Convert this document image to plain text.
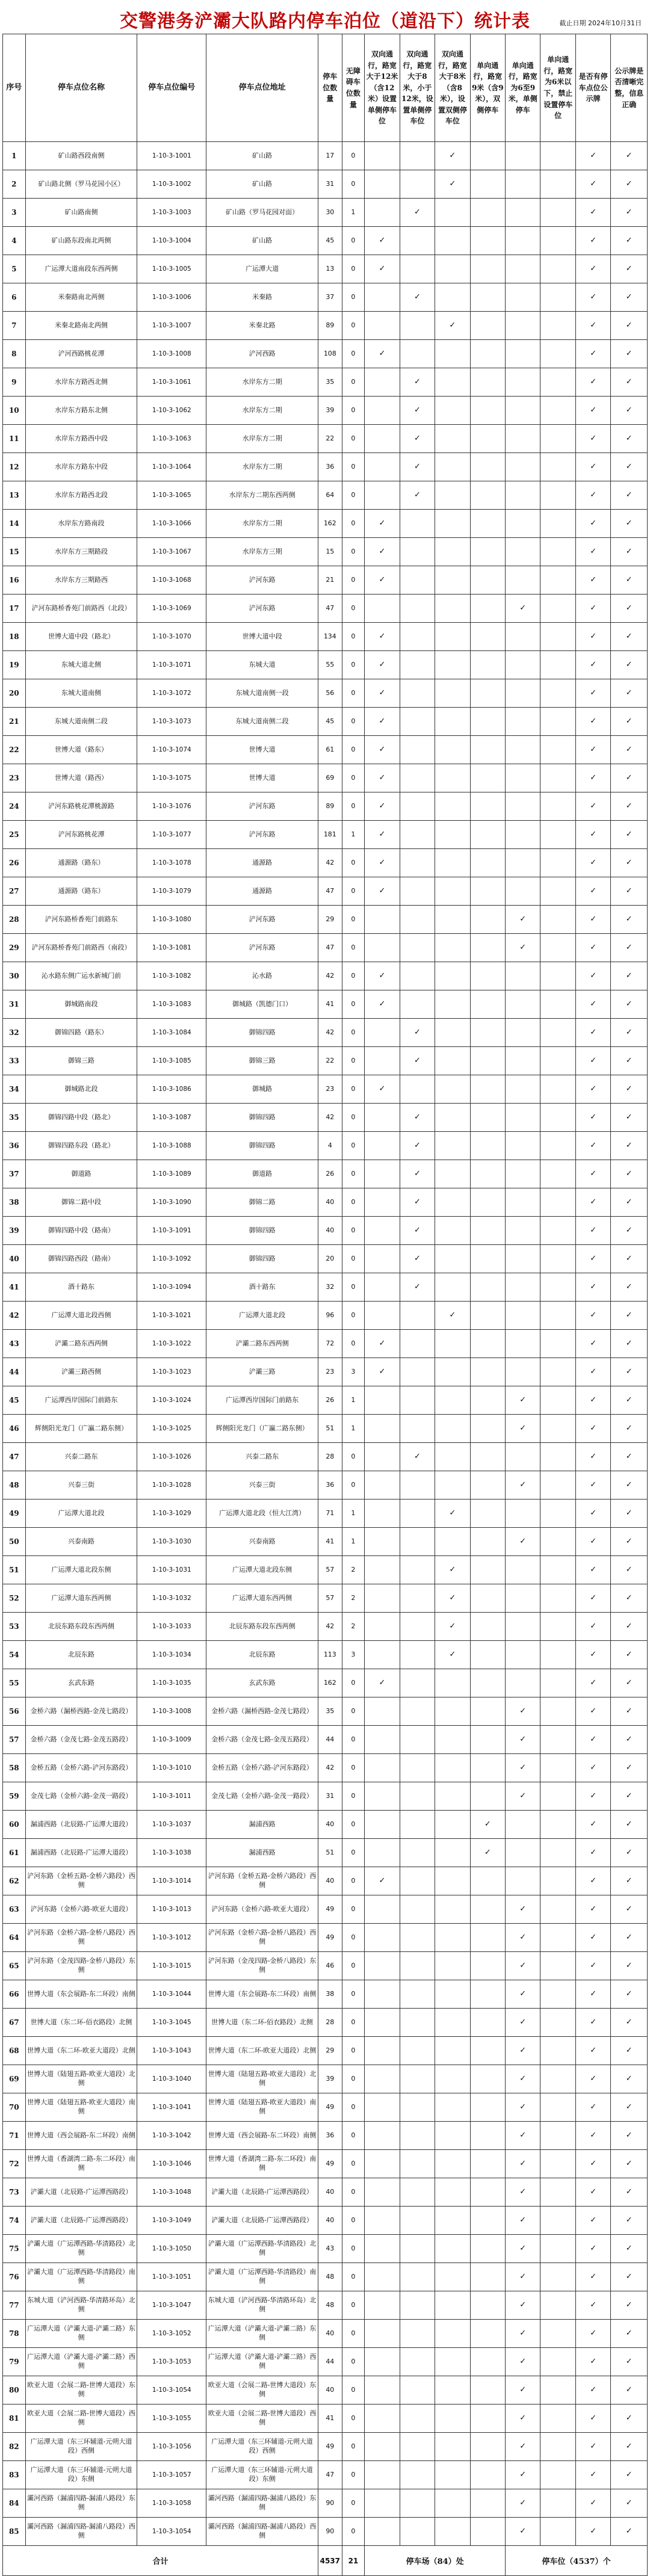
交警港务浐灞大队路内停车泊位（道沿下）统计表	截止日期 2024年10月31日
序号	停车点位名称	停车点位编号	停车点位地址	停车位数量	无障碍车位数量	双向通行，路宽大于12米（含12米）设置单侧停车位	双向通行，路宽大于8米，小于12米，设置单侧停车位	双向通行，路宽大于8米（含8米），设置双侧停车位	单向通行，路宽9米（含9米），双侧停车	单向通行，路宽为6至9米，单侧停车	单向通行，路宽为6米以下，禁止设置停车位	是否有停车点位公示牌	公示牌是否清晰完整，信息正确
1	矿山路西段南侧	1-10-3-1001	矿山路	17	0			✓				✓	✓
2	矿山路北侧（罗马花园小区）	1-10-3-1002	矿山路	31	0			✓				✓	✓
3	矿山路南侧	1-10-3-1003	矿山路（罗马花园对面）	30	1		✓					✓	✓
4	矿山路东段南北两侧	1-10-3-1004	矿山路	45	0	✓						✓	✓
5	广运潭大道南段东西两侧	1-10-3-1005	广运潭大道	13	0	✓						✓	✓
6	米秦路南北两侧	1-10-3-1006	米秦路	37	0		✓					✓	✓
7	米秦北路南北两侧	1-10-3-1007	米秦北路	89	0			✓				✓	✓
8	浐河西路桃花潭	1-10-3-1008	浐河西路	108	0	✓						✓	✓
9	水岸东方路西北侧	1-10-3-1061	水岸东方二期	35	0		✓					✓	✓
10	水岸东方路东北侧	1-10-3-1062	水岸东方二期	39	0		✓					✓	✓
11	水岸东方路西中段	1-10-3-1063	水岸东方二期	22	0		✓					✓	✓
12	水岸东方路东中段	1-10-3-1064	水岸东方二期	36	0		✓					✓	✓
13	水岸东方路西北段	1-10-3-1065	水岸东方二期东西两侧	64	0		✓					✓	✓
14	水岸东方路南段	1-10-3-1066	水岸东方二期	162	0	✓						✓	✓
15	水岸东方三期路段	1-10-3-1067	水岸东方三期	15	0	✓						✓	✓
16	水岸东方三期路西	1-10-3-1068	浐河东路	21	0	✓						✓	✓
17	浐河东路桥香苑门前路西（北段）	1-10-3-1069	浐河东路	47	0					✓		✓	✓
18	世博大道中段（路北）	1-10-3-1070	世博大道中段	134	0	✓						✓	✓
19	东城大道北侧	1-10-3-1071	东城大道	55	0	✓						✓	✓
20	东城大道南侧	1-10-3-1072	东城大道南侧一段	56	0	✓						✓	✓
21	东城大道南侧二段	1-10-3-1073	东城大道南侧二段	45	0	✓						✓	✓
22	世博大道（路东）	1-10-3-1074	世博大道	61	0	✓						✓	✓
23	世博大道（路西）	1-10-3-1075	世博大道	69	0	✓						✓	✓
24	浐河东路桃花潭桃源路	1-10-3-1076	浐河东路	89	0	✓						✓	✓
25	浐河东路桃花潭	1-10-3-1077	浐河东路	181	1	✓						✓	✓
26	通源路（路东）	1-10-3-1078	通源路	42	0	✓						✓	✓
27	通源路（路东）	1-10-3-1079	通源路	47	0	✓						✓	✓
28	浐河东路桥香苑门前路东	1-10-3-1080	浐河东路	29	0					✓		✓	✓
29	浐河东路桥香苑门前路西（南段）	1-10-3-1081	浐河东路	47	0					✓		✓	✓
30	沁水路东侧广运水新城门前	1-10-3-1082	沁水路	42	0	✓						✓	✓
31	御城路南段	1-10-3-1083	御城路（凯德门口）	41	0	✓						✓	✓
32	御锦四路（路东）	1-10-3-1084	御锦四路	42	0		✓					✓	✓
33	御锦三路	1-10-3-1085	御锦三路	22	0		✓					✓	✓
34	御城路北段	1-10-3-1086	御城路	23	0	✓						✓	✓
35	御锦四路中段（路北）	1-10-3-1087	御锦四路	42	0		✓					✓	✓
36	御锦四路东段（路北）	1-10-3-1088	御锦四路	4	0		✓					✓	✓
37	御道路	1-10-3-1089	御道路	26	0		✓					✓	✓
38	御锦二路中段	1-10-3-1090	御锦二路	40	0		✓					✓	✓
39	御锦四路中段（路南）	1-10-3-1091	御锦四路	40	0		✓					✓	✓
40	御锦四路西段（路南）	1-10-3-1092	御锦四路	20	0		✓					✓	✓
41	酒十路东	1-10-3-1094	酒十路东	32	0		✓					✓	✓
42	广运潭大道北段西侧	1-10-3-1021	广运潭大道北段	96	0			✓				✓	✓
43	浐灞二路东西两侧	1-10-3-1022	浐灞二路东西两侧	72	0	✓						✓	✓
44	浐灞三路西侧	1-10-3-1023	浐灞三路	23	3	✓						✓	✓
45	广运潭西岸国际门前路东	1-10-3-1024	广运潭西岸国际门前路东	26	1					✓		✓	✓
46	辉侧阳光龙门（广瀛二路东侧）	1-10-3-1025	辉侧阳光龙门（广瀛二路东侧）	51	1					✓		✓	✓
47	兴泰二路东	1-10-3-1026	兴泰二路东	28	0		✓					✓	✓
48	兴泰三街	1-10-3-1028	兴泰三街	36	0					✓		✓	✓
49	广运潭大道北段	1-10-3-1029	广运潭大道北段（恒大江湾）	71	1			✓				✓	✓
50	兴泰南路	1-10-3-1030	兴泰南路	41	1					✓		✓	✓
51	广运潭大道北段东侧	1-10-3-1031	广运潭大道北段东侧	57	2			✓				✓	✓
52	广运潭大道东西两侧	1-10-3-1032	广运潭大道东西两侧	57	2			✓				✓	✓
53	北辰东路东段东西两侧	1-10-3-1033	北辰东路东段东西两侧	42	2			✓				✓	✓
54	北辰东路	1-10-3-1034	北辰东路	113	3			✓				✓	✓
55	玄武东路	1-10-3-1035	玄武东路	162	0	✓						✓	✓
56	金桥六路（漏桥西路-金茂七路段）	1-10-3-1008	金桥六路（漏桥西路-金茂七路段）	35	0					✓		✓	✓
57	金桥六路（金茂七路-金茂五路段）	1-10-3-1009	金桥六路（金茂七路-金茂五路段）	44	0					✓		✓	✓
58	金桥五路（金桥六路-浐河东路段）	1-10-3-1010	金桥五路（金桥六路-浐河东路段）	42	0					✓		✓	✓
59	金茂七路（金桥六路-金茂一路段）	1-10-3-1011	金茂七路（金桥六路-金茂一路段）	31	0					✓		✓	✓
60	漏浦西路（北辰路-广运潭大道段）	1-10-3-1037	漏浦西路	40	0				✓			✓	✓
61	漏浦西路（北辰路-广运潭大道段）	1-10-3-1038	漏浦西路	51	0				✓			✓	✓
62	浐河东路（金桥五路-金桥六路段）西侧	1-10-3-1014	浐河东路（金桥五路-金桥六路段）西侧	40	0	✓						✓	✓
63	浐河东路（金桥六路-欧亚大道段）	1-10-3-1013	浐河东路（金桥六路-欧亚大道段）	49	0					✓		✓	✓
64	浐河东路（金桥六路-金桥八路段）西侧	1-10-3-1012	浐河东路（金桥六路-金桥八路段）西侧	49	0					✓		✓	✓
65	浐河东路（金茂四路-金桥八路段）东侧	1-10-3-1015	浐河东路（金茂四路-金桥八路段）东侧	46	0					✓		✓	✓
66	世博大道（东会展路-东二环段）南侧	1-10-3-1044	世博大道（东会展路-东二环段）南侧	38	0					✓		✓	✓
67	世博大道（东二环-佰衣路段）北侧	1-10-3-1045	世博大道（东二环-佰衣路段）北侧	28	0					✓		✓	✓
68	世博大道（东二环-欧亚大道段）北侧	1-10-3-1043	世博大道（东二环-欧亚大道段）北侧	29	0					✓		✓	✓
69	世博大道（陆翅五路-欧亚大道段）北侧	1-10-3-1040	世博大道（陆翅五路-欧亚大道段）北侧	39	0					✓		✓	✓
70	世博大道（陆翅五路-欧亚大道段）南侧	1-10-3-1041	世博大道（陆翅五路-欧亚大道段）南侧	49	0					✓		✓	✓
71	世博大道（西会展路-东二环段）南侧	1-10-3-1042	世博大道（西会展路-东二环段）南侧	36	0					✓		✓	✓
72	世博大道（香湖湾二路-东二环段）南侧	1-10-3-1046	世博大道（香湖湾二路-东二环段）南侧	49	0					✓		✓	✓
73	浐灞大道（北辰路-广运潭西路段）	1-10-3-1048	浐灞大道（北辰路-广运潭西路段）	40	0					✓		✓	✓
74	浐灞大道（北辰路-广运潭西路段）	1-10-3-1049	浐灞大道（北辰路-广运潭西路段）	40	0					✓		✓	✓
75	浐灞大道（广运潭西路-华清路段）北侧	1-10-3-1050	浐灞大道（广运潭西路-华清路段）北侧	43	0					✓		✓	✓
76	浐灞大道（广运潭西路-华清路段）南侧	1-10-3-1051	浐灞大道（广运潭西路-华清路段）南侧	48	0					✓		✓	✓
77	东城大道（浐河西路-华清路环岛）北侧	1-10-3-1047	东城大道（浐河西路-华清路环岛）北侧	48	0					✓		✓	✓
78	广运潭大道（浐灞大道-浐灞二路）东侧	1-10-3-1052	广运潭大道（浐灞大道-浐灞二路）东侧	40	0					✓		✓	✓
79	广运潭大道（浐灞大道-浐灞二路）西侧	1-10-3-1053	广运潭大道（浐灞大道-浐灞二路）西侧	44	0					✓		✓	✓
80	欧亚大道（会展二路-世博大道段）东侧	1-10-3-1054	欧亚大道（会展二路-世博大道段）东侧	40	0					✓		✓	✓
81	欧亚大道（会展二路-世博大道段）西侧	1-10-3-1055	欧亚大道（会展二路-世博大道段）西侧	41	0					✓		✓	✓
82	广运潭大道（东三环辅道-元朔大道段）西侧	1-10-3-1056	广运潭大道（东三环辅道-元朔大道段）西侧	49	0					✓		✓	✓
83	广运潭大道（东三环辅道-元朔大道段）东侧	1-10-3-1057	广运潭大道（东三环辅道-元朔大道段）东侧	47	0					✓		✓	✓
84	灞河西路（漏浦四路-漏浦八路段）东侧	1-10-3-1058	灞河西路（漏浦四路-漏浦八路段）东侧	90	0					✓		✓	✓
85	灞河西路（漏浦四路-漏浦八路段）西侧	1-10-3-1054	灞河西路（漏浦四路-漏浦八路段）西侧	90	0					✓		✓	✓
合计				4537	21	停车场（84）处				停车位（4537）个			
